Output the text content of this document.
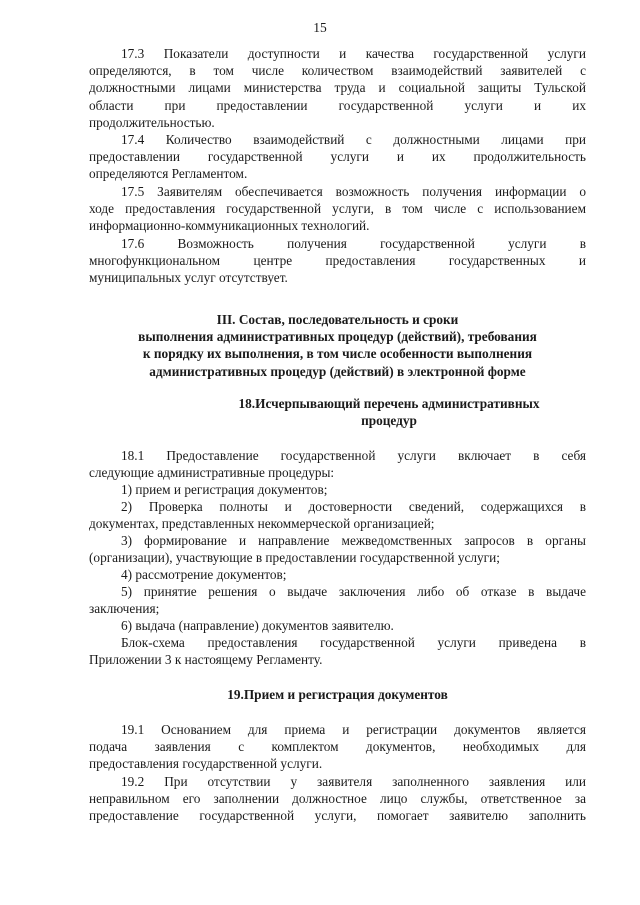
15
17.3 Показатели доступности и качества государственной услуги
определяются, в том числе количеством взаимодействий заявителей с
должностными лицами министерства труда и социальной защиты Тульской
области при предоставлении государственной услуги и их
продолжительностью.
17.4 Количество взаимодействий с должностными лицами при
предоставлении государственной услуги и их продолжительность
определяются Регламентом.
17.5 Заявителям обеспечивается возможность получения информации о
ходе предоставления государственной услуги, в том числе с использованием
информационно-коммуникационных технологий.
17.6 Возможность получения государственной услуги в
многофункциональном центре предоставления государственных и
муниципальных услуг отсутствует.
III. Состав, последовательность и сроки
выполнения административных процедур (действий), требования
к порядку их выполнения, в том числе особенности выполнения
административных процедур (действий) в электронной форме
18.Исчерпывающий перечень административных
процедур
18.1 Предоставление государственной услуги включает в себя
следующие административные процедуры:
1) прием и регистрация документов;
2) Проверка полноты и достоверности сведений, содержащихся в
документах, представленных некоммерческой организацией;
3) формирование и направление межведомственных запросов в органы
(организации), участвующие в предоставлении государственной услуги;
4) рассмотрение документов;
5) принятие решения о выдаче заключения либо об отказе в выдаче
заключения;
6) выдача (направление) документов заявителю.
Блок-схема предоставления государственной услуги приведена в
Приложении 3 к настоящему Регламенту.
19.Прием и регистрация документов
19.1 Основанием для приема и регистрации документов является
подача заявления с комплектом документов, необходимых для
предоставления государственной услуги.
19.2 При отсутствии у заявителя заполненного заявления или
неправильном его заполнении должностное лицо службы, ответственное за
предоставление государственной услуги, помогает заявителю заполнить
